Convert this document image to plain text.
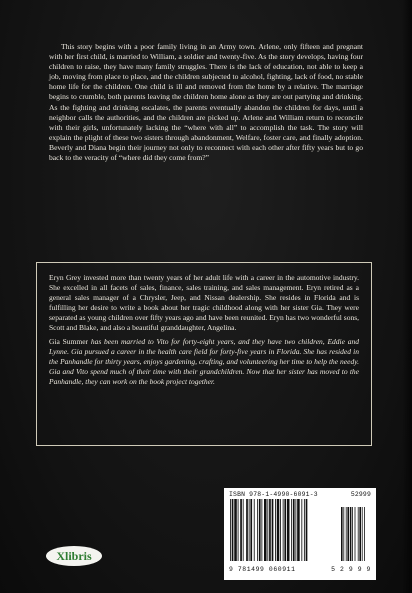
This story begins with a poor family living in an Army town. Arlene, only fifteen and pregnant with her first child, is married to William, a soldier and twenty-five. As the story develops, having four children to raise, they have many family struggles. There is the lack of education, not able to keep a job, moving from place to place, and the children subjected to alcohol, fighting, lack of food, no stable home life for the children. One child is ill and removed from the home by a relative. The marriage begins to crumble, both parents leaving the children home alone as they are out partying and drinking. As the fighting and drinking escalates, the parents eventually abandon the children for days, until a neighbor calls the authorities, and the children are picked up. Arlene and William return to reconcile with their girls, unfortunately lacking the “where with all” to accomplish the task. The story will explain the plight of these two sisters through abandonment, Welfare, foster care, and finally adoption. Beverly and Diana begin their journey not only to reconnect with each other after fifty years but to go back to the veracity of “where did they come from?”

Eryn Grey invested more than twenty years of her adult life with a career in the automotive industry. She excelled in all facets of sales, finance, sales training, and sales management. Eryn retired as a general sales manager of a Chrysler, Jeep, and Nissan dealership. She resides in Florida and is fulfilling her desire to write a book about her tragic childhood along with her sister Gia. They were separated as young children over fifty years ago and have been reunited. Eryn has two wonderful sons, Scott and Blake, and also a beautiful granddaughter, Angelina.

Gia Summer has been married to Vito for forty-eight years, and they have two children, Eddie and Lynne. Gia pursued a career in the health care field for forty-five years in Florida. She has resided in the Panhandle for thirty years, enjoys gardening, crafting, and volunteering her time to help the needy. Gia and Vito spend much of their time with their grandchildren. Now that her sister has moved to the Panhandle, they can work on the book project together.

Xlibris
ISBN 978-1-4990-6091-3	52999
9 781499 060911	5 2 9 9 9
